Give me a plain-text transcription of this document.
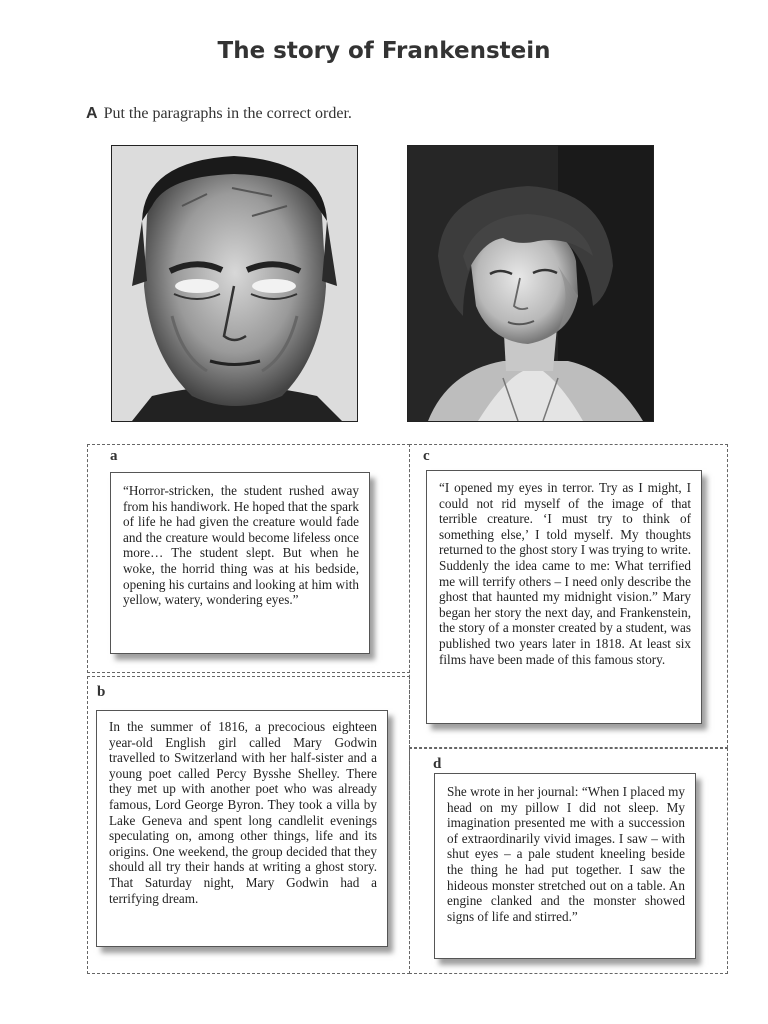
The story of Frankenstein
A Put the paragraphs in the correct order.
a
b
c
d
“Horror-stricken, the student rushed away from his handiwork. He hoped that the spark of life he had given the creature would fade and the creature would become lifeless once more… The student slept. But when he woke, the horrid thing was at his bedside, opening his curtains and looking at him with yellow, watery, wondering eyes.”
In the summer of 1816, a precocious eighteen year-old English girl called Mary Godwin travelled to Switzerland with her half-sister and a young poet called Percy Bysshe Shelley. There they met up with another poet who was already famous, Lord George Byron. They took a villa by Lake Geneva and spent long candlelit evenings speculating on, among other things, life and its origins. One weekend, the group decided that they should all try their hands at writing a ghost story. That Saturday night, Mary Godwin had a terrifying dream.
“I opened my eyes in terror. Try as I might, I could not rid myself of the image of that terrible creature. ‘I must try to think of something else,’ I told myself. My thoughts returned to the ghost story I was trying to write. Suddenly the idea came to me: What terrified me will terrify others – I need only describe the ghost that haunted my midnight vision.” Mary began her story the next day, and Frankenstein, the story of a monster created by a student, was published two years later in 1818. At least six films have been made of this famous story.
She wrote in her journal: “When I placed my head on my pillow I did not sleep. My imagination presented me with a succession of extraordinarily vivid images. I saw – with shut eyes – a pale student kneeling beside the thing he had put together. I saw the hideous monster stretched out on a table. An engine clanked and the monster showed signs of life and stirred.”
